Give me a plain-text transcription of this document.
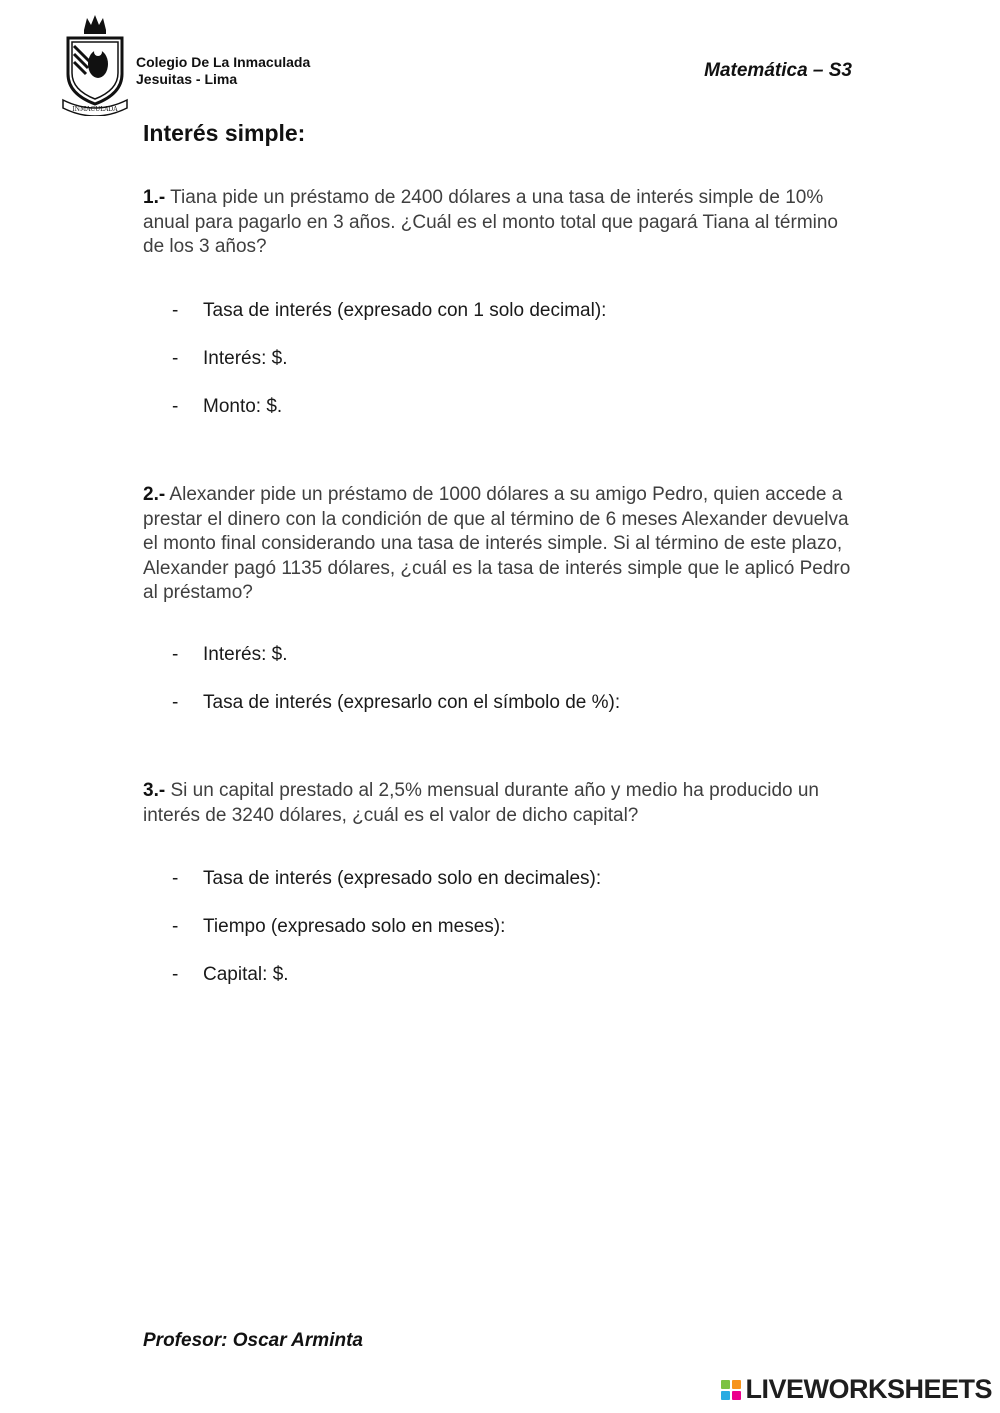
INMACULADA
Colegio De La Inmaculada
Jesuitas - Lima	Matemática – S3
Interés simple:

1.- Tiana pide un préstamo de 2400 dólares a una tasa de interés simple de 10% anual para pagarlo en 3 años. ¿Cuál es el monto total que pagará Tiana al término de los 3 años?

- Tasa de interés (expresado con 1 solo decimal):
- Interés: $.
- Monto: $.

2.- Alexander pide un préstamo de 1000 dólares a su amigo Pedro, quien accede a prestar el dinero con la condición de que al término de 6 meses Alexander devuelva el monto final considerando una tasa de interés simple. Si al término de este plazo, Alexander pagó 1135 dólares, ¿cuál es la tasa de interés simple que le aplicó Pedro al préstamo?

- Interés: $.
- Tasa de interés (expresarlo con el símbolo de %):

3.- Si un capital prestado al 2,5% mensual durante año y medio ha producido un interés de 3240 dólares, ¿cuál es el valor de dicho capital?

- Tasa de interés (expresado solo en decimales):
- Tiempo (expresado solo en meses):
- Capital: $.
Profesor: Oscar Arminta
LIVEWORKSHEETS
